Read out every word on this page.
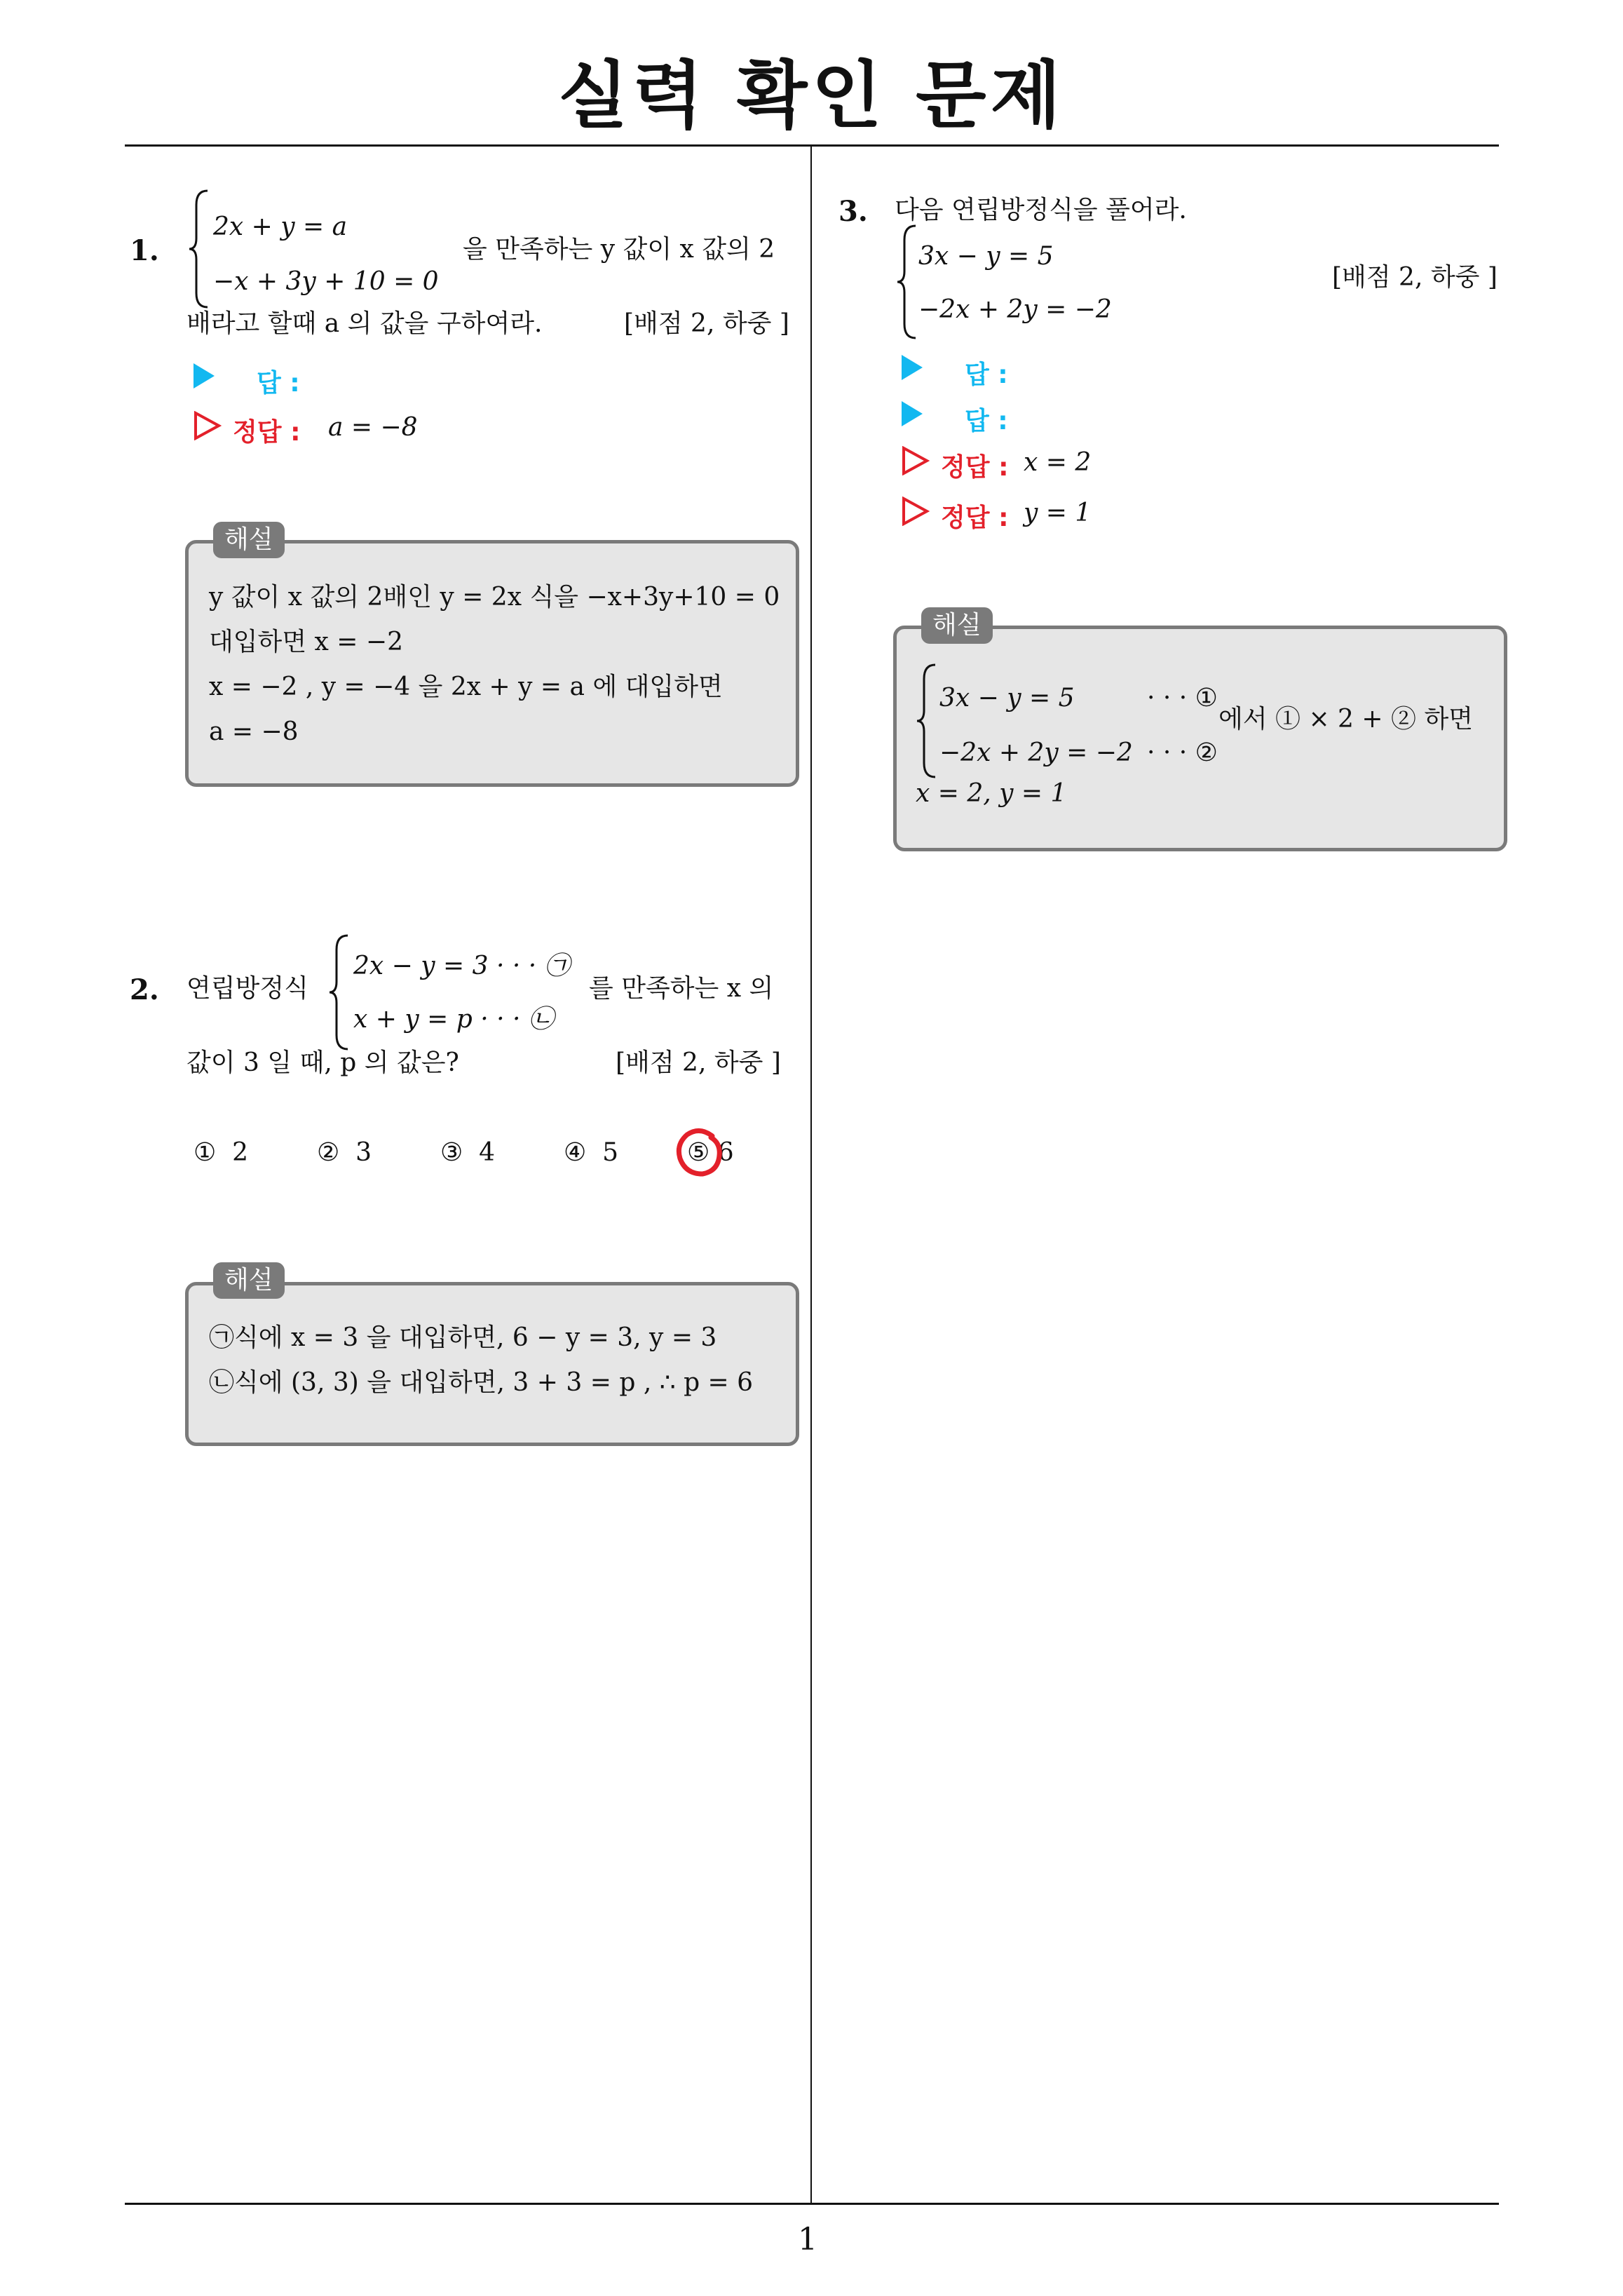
실력 확인 문제
1
1.
2x + y = a
−x + 3y + 10 = 0
을 만족하는 y 값이 x 값의 2
배라고 할때 a 의 값을 구하여라.	[배점 2, 하중 ]
답 :
정답 : a = −8
해설
y 값이 x 값의 2배인 y = 2x 식을 −x+3y+10 = 0
대입하면 x = −2
x = −2 , y = −4 을 2x + y = a 에 대입하면
a = −8
2. 연립방정식
2x − y = 3 · · · ㉠
x + y = p · · · ㉡
를 만족하는 x 의
값이 3 일 때, p 의 값은?	[배점 2, 하중 ]
① 2	② 3	③ 4	④ 5	⑤ 6
해설
㉠식에 x = 3 을 대입하면, 6 − y = 3, y = 3
㉡식에 (3, 3) 을 대입하면, 3 + 3 = p , ∴ p = 6
3. 다음 연립방정식을 풀어라.
3x − y = 5
−2x + 2y = −2
[배점 2, 하중 ]
답 :
답 :
정답 : x = 2
정답 : y = 1
해설
3x − y = 5	· · · ①
−2x + 2y = −2 · · · ②
에서 ① × 2 + ② 하면
x = 2, y = 1
